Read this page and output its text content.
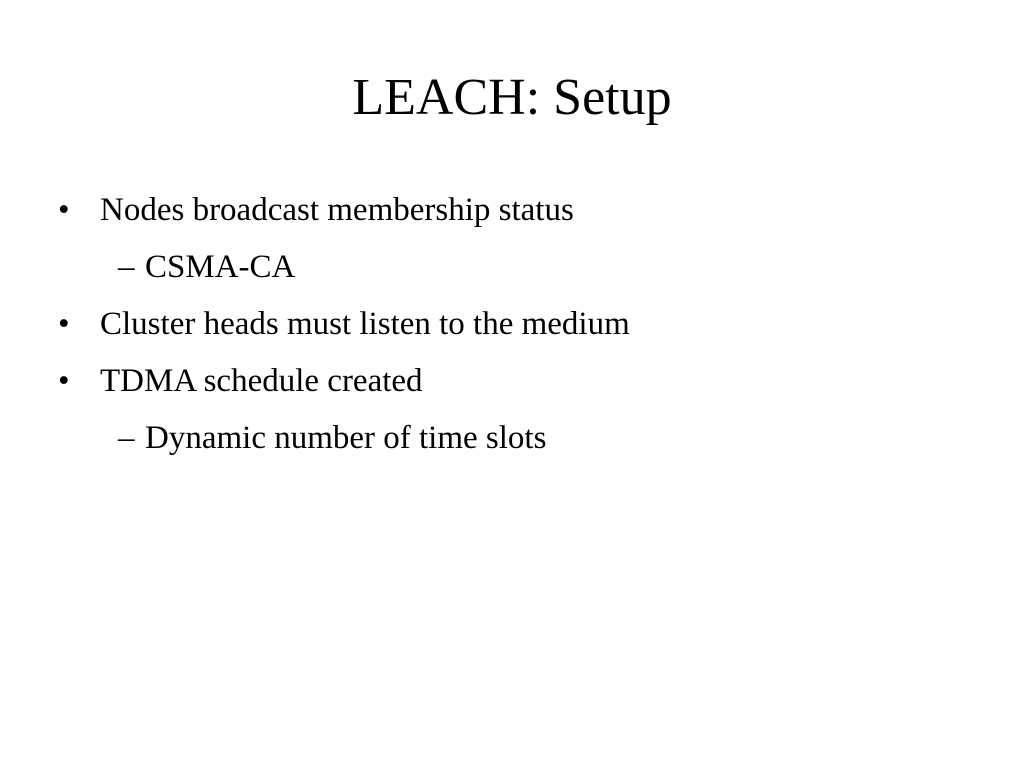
LEACH: Setup
• Nodes broadcast membership status
– CSMA-CA
• Cluster heads must listen to the medium
• TDMA schedule created
– Dynamic number of time slots
